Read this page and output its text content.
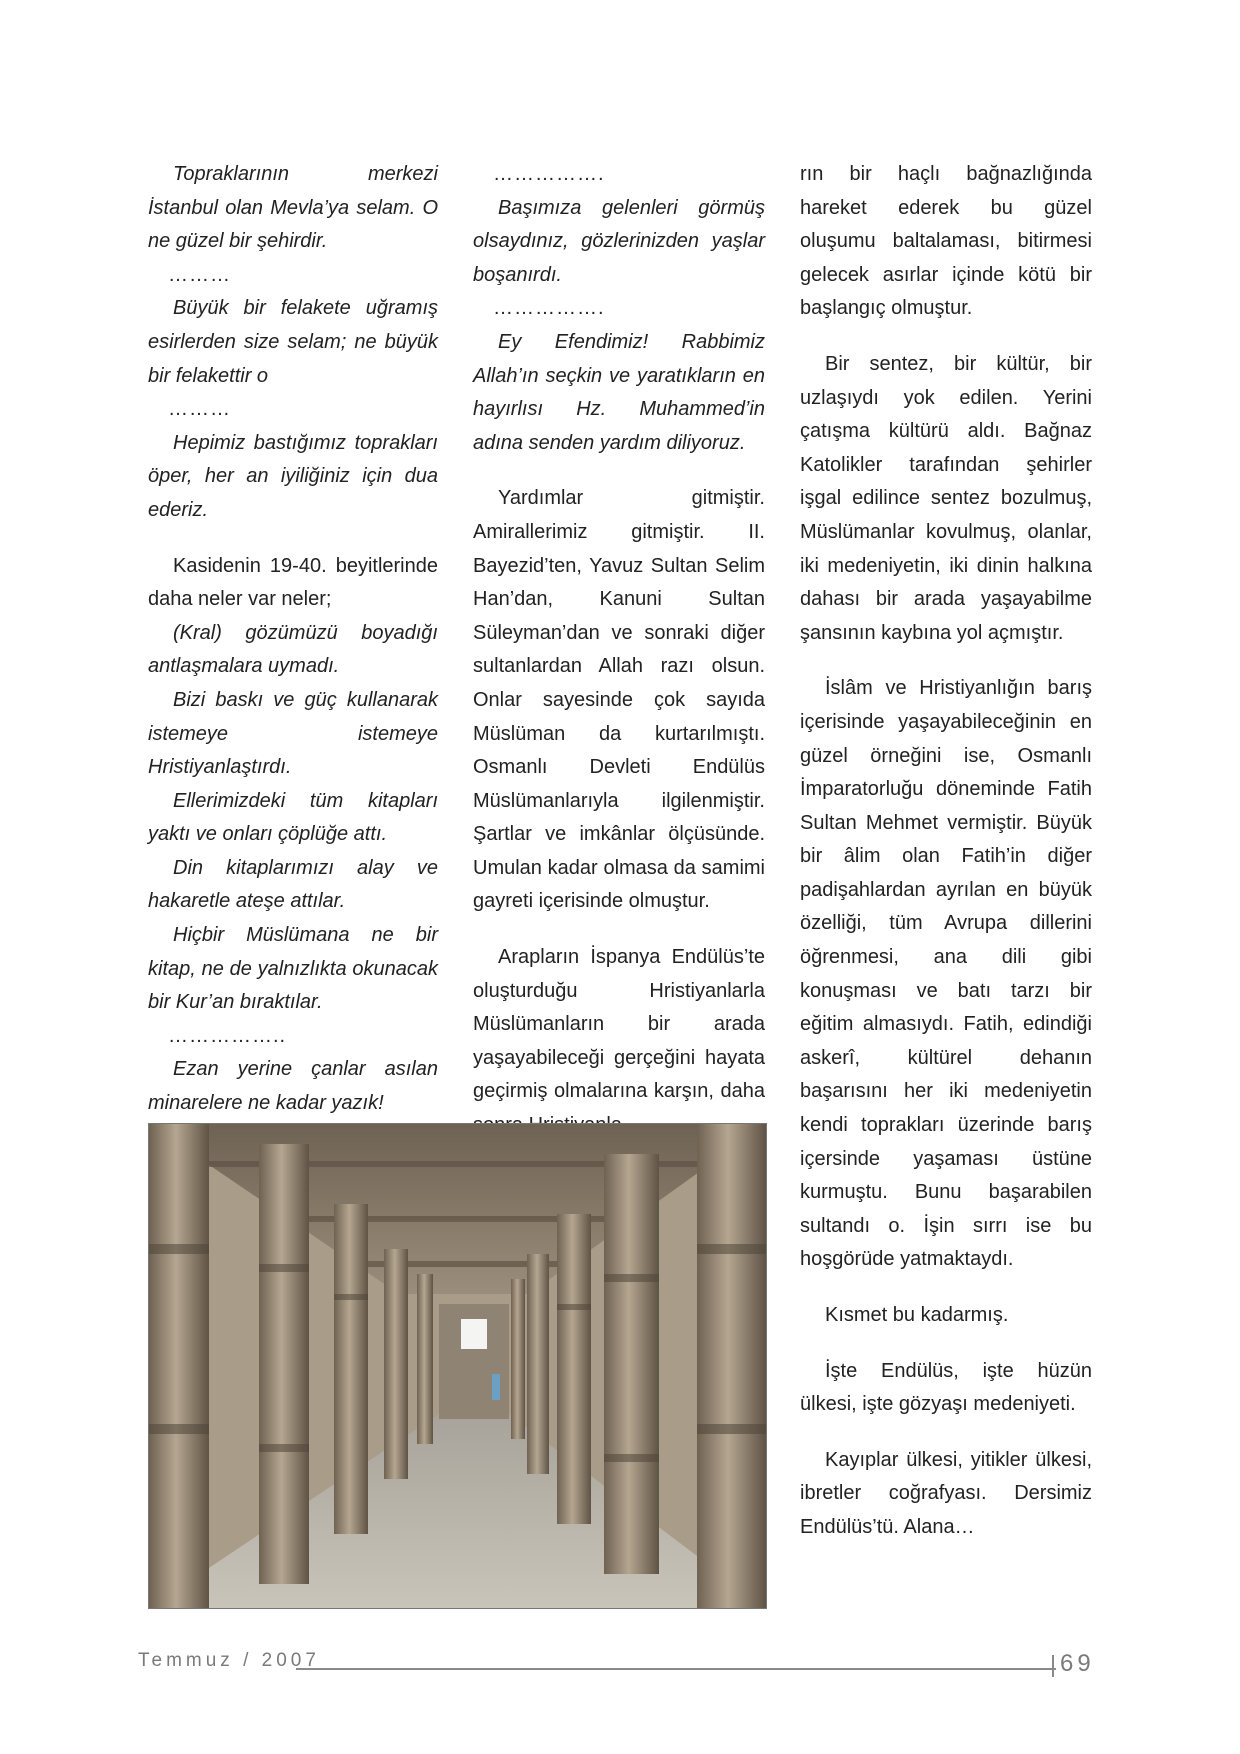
Topraklarının merkezi İstanbul olan Mevla’ya selam. O ne güzel bir şehirdir.

………

Büyük bir felakete uğramış esirlerden size selam; ne büyük bir felakettir o

………

Hepimiz bastığımız toprakları öper, her an iyiliğiniz için dua ederiz.

Kasidenin 19-40. beyitlerinde daha neler var neler;

(Kral) gözümüzü boyadığı antlaşmalara uymadı.

Bizi baskı ve güç kullanarak istemeye istemeye Hristiyanlaştırdı.

Ellerimizdeki tüm kitapları yaktı ve onları çöplüğe attı.

Din kitaplarımızı alay ve hakaretle ateşe attılar.

Hiçbir Müslümana ne bir kitap, ne de yalnızlıkta okunacak bir Kur’an bıraktılar.

……………..

Ezan yerine çanlar asılan minarelere ne kadar yazık!

…………….

Başımıza gelenleri görmüş olsaydınız, gözlerinizden yaşlar boşanırdı.

…………….

Ey Efendimiz! Rabbimiz Allah’ın seçkin ve yaratıkların en hayırlısı Hz. Muhammed’in adına senden yardım diliyoruz.

Yardımlar gitmiştir. Amirallerimiz gitmiştir. II. Bayezid’ten, Yavuz Sultan Selim Han’dan, Kanuni Sultan Süleyman’dan ve sonraki diğer sultanlardan Allah razı olsun. Onlar sayesinde çok sayıda Müslüman da kurtarılmıştı. Osmanlı Devleti Endülüs Müslümanlarıyla ilgilenmiştir. Şartlar ve imkânlar ölçüsünde. Umulan kadar olmasa da samimi gayreti içerisinde olmuştur.

Arapların İspanya Endülüs’te oluşturduğu Hristiyanlarla Müslümanların bir arada yaşayabileceği gerçeğini hayata geçirmiş olmalarına karşın, daha

rın bir haçlı bağnazlığında hareket ederek bu güzel oluşumu baltalaması, bitirmesi gelecek asırlar içinde kötü bir başlangıç olmuştur.

Bir sentez, bir kültür, bir uzlaşıydı yok edilen. Yerini çatışma kültürü aldı. Bağnaz Katolikler tarafından şehirler işgal edilince sentez bozulmuş, Müslümanlar kovulmuş, olanlar, iki medeniyetin, iki dinin halkına dahası bir arada yaşayabilme şansının kaybına yol açmıştır.

İslâm ve Hristiyanlığın barış içerisinde yaşayabileceğinin en güzel örneğini ise, Osmanlı İmparatorluğu döneminde Fatih Sultan Mehmet vermiştir. Büyük bir âlim olan Fatih’in diğer padişahlardan ayrılan en büyük özelliği, tüm Avrupa dillerini öğrenmesi, ana dili gibi konuşması ve batı tarzı bir eğitim almasıydı. Fatih, edindiği askerî, kültürel dehanın başarısını her iki medeniyetin kendi toprakları üzerinde barış içersinde yaşaması üstüne kurmuştu. Bunu başarabilen sultandı o. İşin sırrı ise bu hoşgörüde yatmaktaydı.

Kısmet bu kadarmış.

İşte Endülüs, işte hüzün ülkesi, işte gözyaşı medeniyeti.

Kayıplar ülkesi, yitikler ülkesi, ibretler coğrafyası. Dersimiz Endülüs’tü. Alana…

Temmuz / 2007	69
